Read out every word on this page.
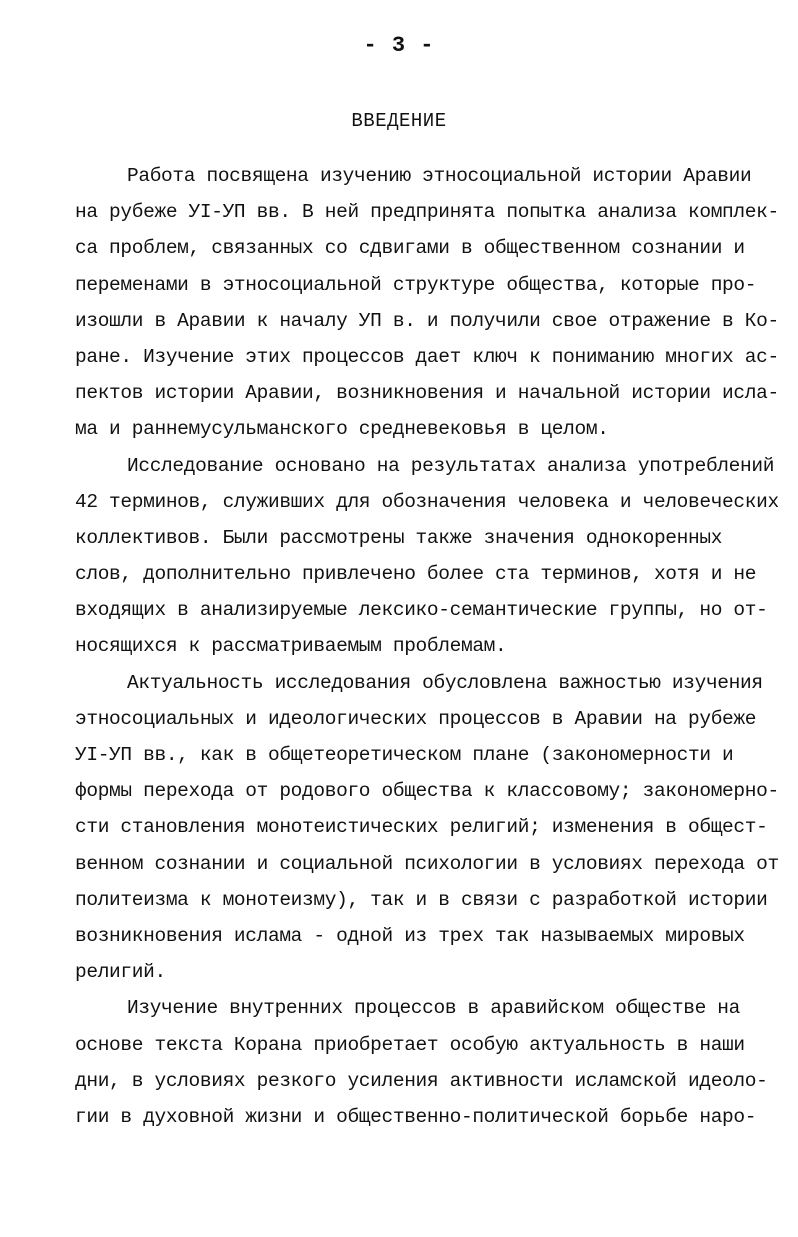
- 3 -
ВВЕДЕНИЕ
Работа посвящена изучению этносоциальной истории Аравии
на рубеже УI-УП вв. В ней предпринята попытка анализа комплек-
са проблем, связанных со сдвигами в общественном сознании и
переменами в этносоциальной структуре общества, которые про-
изошли в Аравии к началу УП в. и получили свое отражение в Ко-
ране. Изучение этих процессов дает ключ к пониманию многих ас-
пектов истории Аравии, возникновения и начальной истории исла-
ма и раннемусульманского средневековья в целом.
Исследование основано на результатах анализа употреблений
42 терминов, служивших для обозначения человека и человеческих
коллективов. Были рассмотрены также значения однокоренных
слов, дополнительно привлечено более ста терминов, хотя и не
входящих в анализируемые лексико-семантические группы, но от-
носящихся к рассматриваемым проблемам.
Актуальность исследования обусловлена важностью изучения
этносоциальных и идеологических процессов в Аравии на рубеже
УI-УП вв., как в общетеоретическом плане (закономерности и
формы перехода от родового общества к классовому; закономерно-
сти становления монотеистических религий; изменения в общест-
венном сознании и социальной психологии в условиях перехода от
политеизма к монотеизму), так и в связи с разработкой истории
возникновения ислама - одной из трех так называемых мировых
религий.
Изучение внутренних процессов в аравийском обществе на
основе текста Корана приобретает особую актуальность в наши
дни, в условиях резкого усиления активности исламской идеоло-
гии в духовной жизни и общественно-политической борьбе наро-
